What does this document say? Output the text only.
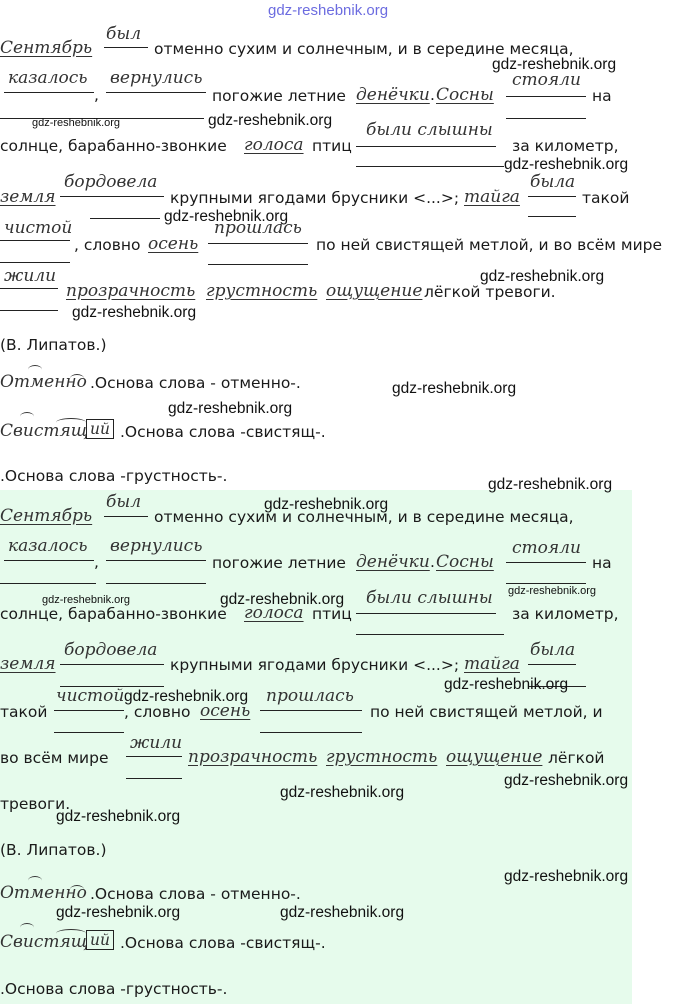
gdz-reshebnik.org
Сентябрь
был
отменно сухим и солнечным, и в середине месяца,
казалось
,
вернулись
погожие летние денёчки . Сосны
стояли
на
солнце, барабанно-звонкие голоса птиц
были слышны
за километр,
земля
бордовела
крупными ягодами брусники <...>; тайга
была
такой
чистой
, словно осень
прошлась
по ней свистящей метлой, и во всём мире
жили
прозрачность грустность ощущение лёгкой тревоги.
(В. Липатов.)
Отменно .Основа слова - отменно-.
Свистящ ий .Основа слова -свистящ-.
.Основа слова -грустность-.
Сентябрь
был
отменно сухим и солнечным, и в середине месяца,
казалось
,
вернулись
погожие летние денёчки . Сосны
стояли
на
солнце, барабанно-звонкие голоса птиц
были слышны
за километр,
земля
бордовела
крупными ягодами брусники <...>; тайга
была
такой
чистой
, словно осень
прошлась
по ней свистящей метлой, и
во всём мире
жили
прозрачность грустность ощущение лёгкой
тревоги.
(В. Липатов.)
Отменно .Основа слова - отменно-.
Свистящ ий .Основа слова -свистящ-.
.Основа слова -грустность-.
gdz-reshebnik.org
gdz-reshebnik.org	gdz-reshebnik.org
gdz-reshebnik.org
gdz-reshebnik.org
gdz-reshebnik.org
gdz-reshebnik.org
gdz-reshebnik.org
gdz-reshebnik.org
gdz-reshebnik.org
gdz-reshebnik.org
gdz-reshebnik.org	gdz-reshebnik.org	gdz-reshebnik.org
gdz-reshebnik.org
gdz-reshebnik.org
gdz-reshebnik.org
gdz-reshebnik.org
gdz-reshebnik.org
gdz-reshebnik.org
gdz-reshebnik.org	gdz-reshebnik.org
